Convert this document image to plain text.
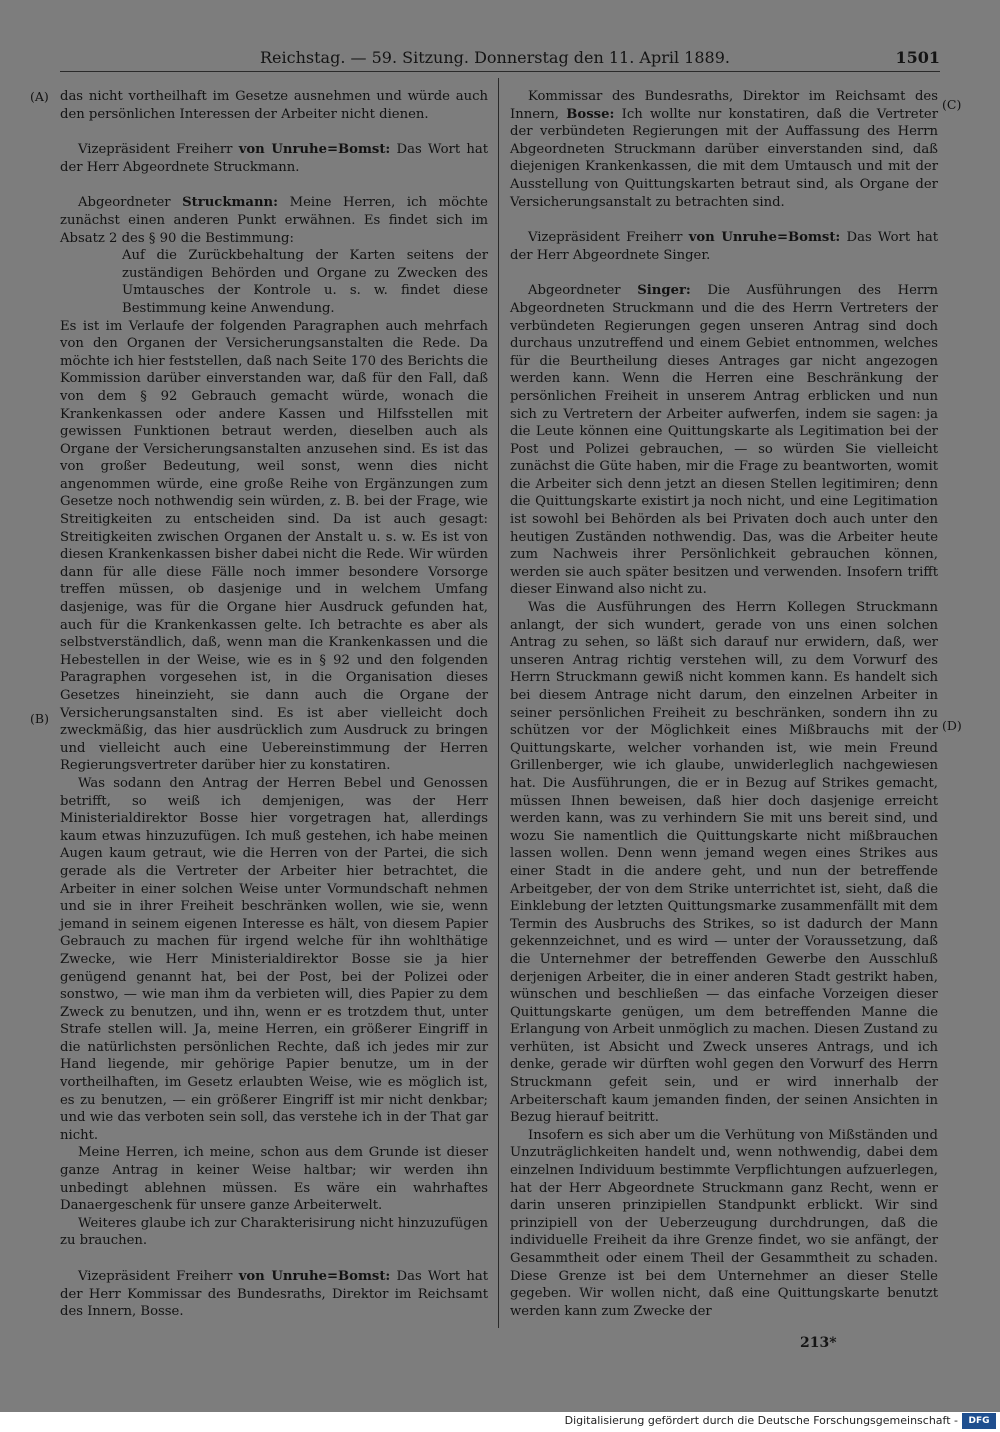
Reichstag. — 59. Sitzung. Donnerstag den 11. April 1889.	1501
(A)
(B)
(C)
(D)

das nicht vortheilhaft im Gesetze ausnehmen und würde auch den persönlichen Interessen der Arbeiter nicht dienen.

Vizepräsident Freiherr von Unruhe=Bomst: Das Wort hat der Herr Abgeordnete Struckmann.

Abgeordneter Struckmann: Meine Herren, ich möchte zunächst einen anderen Punkt erwähnen. Es findet sich im Absatz 2 des § 90 die Bestimmung:

Auf die Zurückbehaltung der Karten seitens der zuständigen Behörden und Organe zu Zwecken des Umtausches der Kontrole u. s. w. findet diese Bestimmung keine Anwendung.

Es ist im Verlaufe der folgenden Paragraphen auch mehrfach von den Organen der Versicherungsanstalten die Rede. Da möchte ich hier feststellen, daß nach Seite 170 des Berichts die Kommission darüber einverstanden war, daß für den Fall, daß von dem § 92 Gebrauch gemacht würde, wonach die Krankenkassen oder andere Kassen und Hilfsstellen mit gewissen Funktionen betraut werden, dieselben auch als Organe der Versicherungsanstalten anzusehen sind. Es ist das von großer Bedeutung, weil sonst, wenn dies nicht angenommen würde, eine große Reihe von Ergänzungen zum Gesetze noch nothwendig sein würden, z. B. bei der Frage, wie Streitigkeiten zu entscheiden sind. Da ist auch gesagt: Streitigkeiten zwischen Organen der Anstalt u. s. w. Es ist von diesen Krankenkassen bisher dabei nicht die Rede. Wir würden dann für alle diese Fälle noch immer besondere Vorsorge treffen müssen, ob dasjenige und in welchem Umfang dasjenige, was für die Organe hier Ausdruck gefunden hat, auch für die Krankenkassen gelte. Ich betrachte es aber als selbstverständlich, daß, wenn man die Krankenkassen und die Hebestellen in der Weise, wie es in § 92 und den folgenden Paragraphen vorgesehen ist, in die Organisation dieses Gesetzes hineinzieht, sie dann auch die Organe der Versicherungsanstalten sind. Es ist aber vielleicht doch zweckmäßig, das hier ausdrücklich zum Ausdruck zu bringen und vielleicht auch eine Uebereinstimmung der Herren Regierungsvertreter darüber hier zu konstatiren.

Was sodann den Antrag der Herren Bebel und Genossen betrifft, so weiß ich demjenigen, was der Herr Ministerialdirektor Bosse hier vorgetragen hat, allerdings kaum etwas hinzuzufügen. Ich muß gestehen, ich habe meinen Augen kaum getraut, wie die Herren von der Partei, die sich gerade als die Vertreter der Arbeiter hier betrachtet, die Arbeiter in einer solchen Weise unter Vormundschaft nehmen und sie in ihrer Freiheit beschränken wollen, wie sie, wenn jemand in seinem eigenen Interesse es hält, von diesem Papier Gebrauch zu machen für irgend welche für ihn wohlthätige Zwecke, wie Herr Ministerialdirektor Bosse sie ja hier genügend genannt hat, bei der Post, bei der Polizei oder sonstwo, — wie man ihm da verbieten will, dies Papier zu dem Zweck zu benutzen, und ihn, wenn er es trotzdem thut, unter Strafe stellen will. Ja, meine Herren, ein größerer Eingriff in die natürlichsten persönlichen Rechte, daß ich jedes mir zur Hand liegende, mir gehörige Papier benutze, um in der vortheilhaften, im Gesetz erlaubten Weise, wie es möglich ist, es zu benutzen, — ein größerer Eingriff ist mir nicht denkbar; und wie das verboten sein soll, das verstehe ich in der That gar nicht.

Meine Herren, ich meine, schon aus dem Grunde ist dieser ganze Antrag in keiner Weise haltbar; wir werden ihn unbedingt ablehnen müssen. Es wäre ein wahrhaftes Danaergeschenk für unsere ganze Arbeiterwelt.

Weiteres glaube ich zur Charakterisirung nicht hinzuzufügen zu brauchen.

Vizepräsident Freiherr von Unruhe=Bomst: Das Wort hat der Herr Kommissar des Bundesraths, Direktor im Reichsamt des Innern, Bosse.

Kommissar des Bundesraths, Direktor im Reichsamt des Innern, Bosse: Ich wollte nur konstatiren, daß die Vertreter der verbündeten Regierungen mit der Auffassung des Herrn Abgeordneten Struckmann darüber einverstanden sind, daß diejenigen Krankenkassen, die mit dem Umtausch und mit der Ausstellung von Quittungskarten betraut sind, als Organe der Versicherungsanstalt zu betrachten sind.

Vizepräsident Freiherr von Unruhe=Bomst: Das Wort hat der Herr Abgeordnete Singer.

Abgeordneter Singer: Die Ausführungen des Herrn Abgeordneten Struckmann und die des Herrn Vertreters der verbündeten Regierungen gegen unseren Antrag sind doch durchaus unzutreffend und einem Gebiet entnommen, welches für die Beurtheilung dieses Antrages gar nicht angezogen werden kann. Wenn die Herren eine Beschränkung der persönlichen Freiheit in unserem Antrag erblicken und nun sich zu Vertretern der Arbeiter aufwerfen, indem sie sagen: ja die Leute können eine Quittungskarte als Legitimation bei der Post und Polizei gebrauchen, — so würden Sie vielleicht zunächst die Güte haben, mir die Frage zu beantworten, womit die Arbeiter sich denn jetzt an diesen Stellen legitimiren; denn die Quittungskarte existirt ja noch nicht, und eine Legitimation ist sowohl bei Behörden als bei Privaten doch auch unter den heutigen Zuständen nothwendig. Das, was die Arbeiter heute zum Nachweis ihrer Persönlichkeit gebrauchen können, werden sie auch später besitzen und verwenden. Insofern trifft dieser Einwand also nicht zu.

Was die Ausführungen des Herrn Kollegen Struckmann anlangt, der sich wundert, gerade von uns einen solchen Antrag zu sehen, so läßt sich darauf nur erwidern, daß, wer unseren Antrag richtig verstehen will, zu dem Vorwurf des Herrn Struckmann gewiß nicht kommen kann. Es handelt sich bei diesem Antrage nicht darum, den einzelnen Arbeiter in seiner persönlichen Freiheit zu beschränken, sondern ihn zu schützen vor der Möglichkeit eines Mißbrauchs mit der Quittungskarte, welcher vorhanden ist, wie mein Freund Grillenberger, wie ich glaube, unwiderleglich nachgewiesen hat. Die Ausführungen, die er in Bezug auf Strikes gemacht, müssen Ihnen beweisen, daß hier doch dasjenige erreicht werden kann, was zu verhindern Sie mit uns bereit sind, und wozu Sie namentlich die Quittungskarte nicht mißbrauchen lassen wollen. Denn wenn jemand wegen eines Strikes aus einer Stadt in die andere geht, und nun der betreffende Arbeitgeber, der von dem Strike unterrichtet ist, sieht, daß die Einklebung der letzten Quittungsmarke zusammenfällt mit dem Termin des Ausbruchs des Strikes, so ist dadurch der Mann gekennzeichnet, und es wird — unter der Voraussetzung, daß die Unternehmer der betreffenden Gewerbe den Ausschluß derjenigen Arbeiter, die in einer anderen Stadt gestrikt haben, wünschen und beschließen — das einfache Vorzeigen dieser Quittungskarte genügen, um dem betreffenden Manne die Erlangung von Arbeit unmöglich zu machen. Diesen Zustand zu verhüten, ist Absicht und Zweck unseres Antrags, und ich denke, gerade wir dürften wohl gegen den Vorwurf des Herrn Struckmann gefeit sein, und er wird innerhalb der Arbeiterschaft kaum jemanden finden, der seinen Ansichten in Bezug hierauf beitritt.

Insofern es sich aber um die Verhütung von Mißständen und Unzuträglichkeiten handelt und, wenn nothwendig, dabei dem einzelnen Individuum bestimmte Verpflichtungen aufzuerlegen, hat der Herr Abgeordnete Struckmann ganz Recht, wenn er darin unseren prinzipiellen Standpunkt erblickt. Wir sind prinzipiell von der Ueberzeugung durchdrungen, daß die individuelle Freiheit da ihre Grenze findet, wo sie anfängt, der Gesammtheit oder einem Theil der Gesammtheit zu schaden. Diese Grenze ist bei dem Unternehmer an dieser Stelle gegeben. Wir wollen nicht, daß eine Quittungskarte benutzt werden kann zum Zwecke der

213*
Digitalisierung gefördert durch die Deutsche Forschungsgemeinschaft -	DFG
